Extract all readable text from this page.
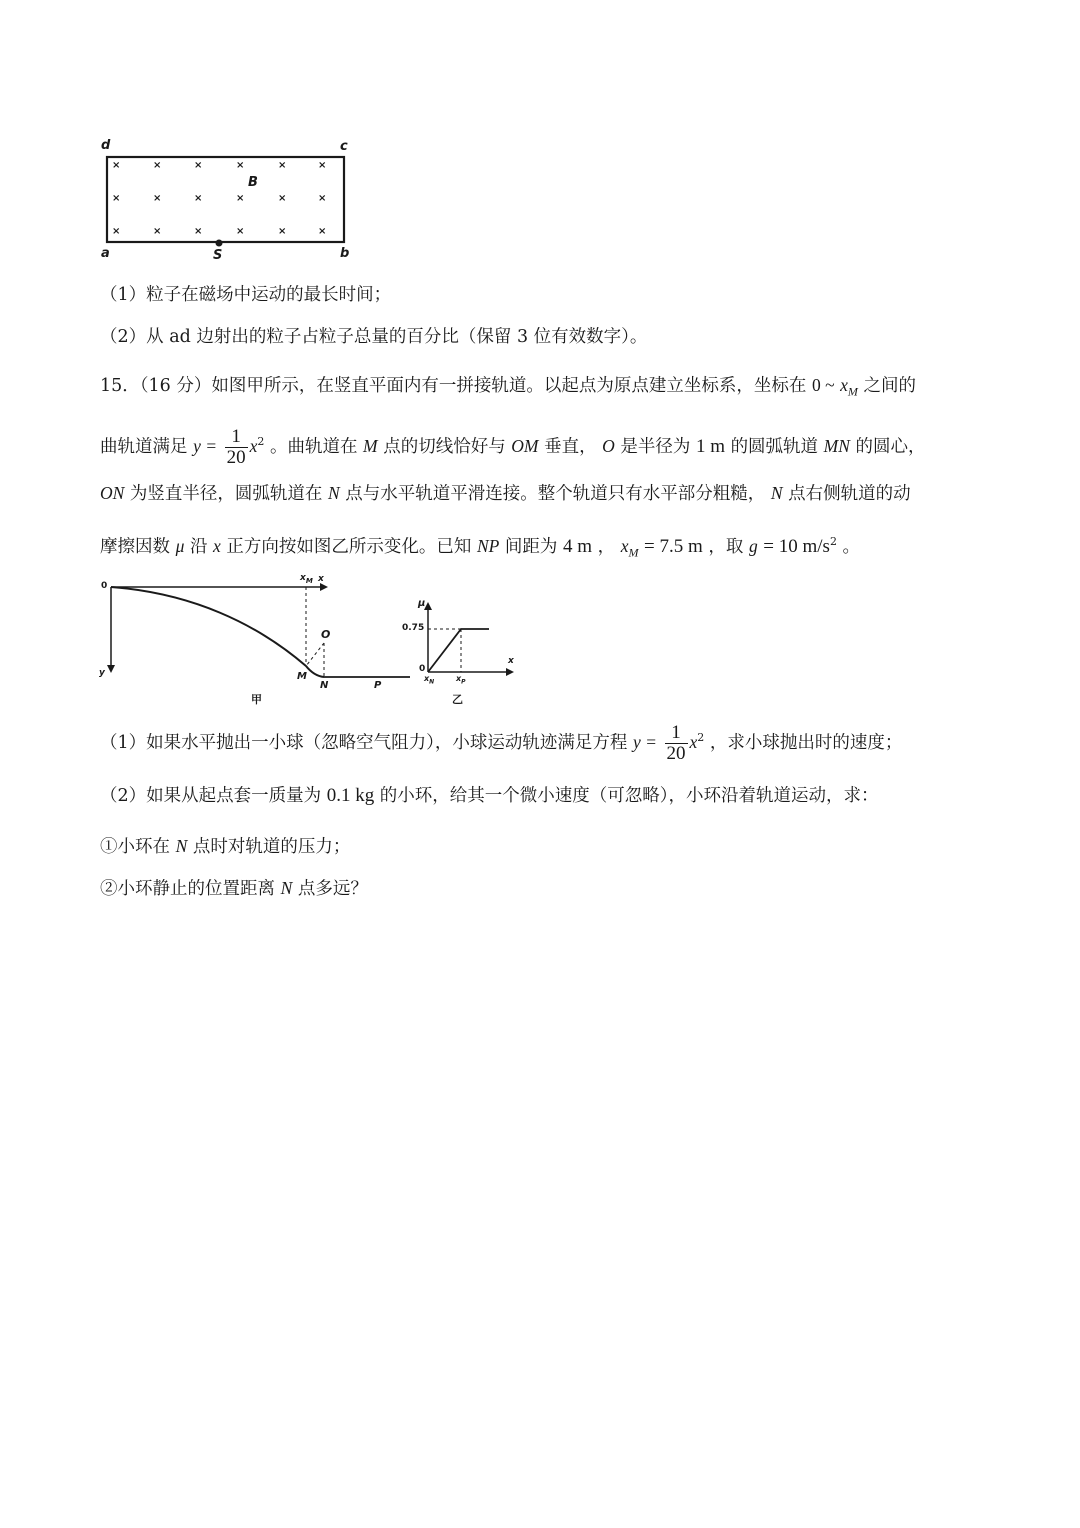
d	c
a	b
B
S
×	×	×	×	×	×
×	×	×	×	×	×
×	×	×	×	×	×
（1）粒子在磁场中运动的最长时间；
（2）从 ad 边射出的粒子占粒子总量的百分比（保留 3 位有效数字）。
15．（16 分）如图甲所示，在竖直平面内有一拼接轨道。以起点为原点建立坐标系，坐标在 0 ~ $x_M$ 之间的
曲轨道满足 $y = \frac{1}{20} x^2$ 。曲轨道在 M 点的切线恰好与 OM 垂直， O 是半径为 1 m 的圆弧轨道 MN 的圆心，
ON 为竖直半径，圆弧轨道在 N 点与水平轨道平滑连接。整个轨道只有水平部分粗糙， N 点右侧轨道的动
摩擦因数 μ 沿 x 正方向按如图乙所示变化。已知 NP 间距为 4 m ， $x_M = 7.5$ m ，取 g = 10 $m/s^2$ 。
0
$x_M$ x
y
O
M
N	P
甲
μ
0.75
0
x
$x_N$	$x_P$
乙
（1）如果水平抛出一小球（忽略空气阻力），小球运动轨迹满足方程 $y = \frac{1}{20} x^2$ ，求小球抛出时的速度；
（2）如果从起点套一质量为 0.1 kg 的小环，给其一个微小速度（可忽略），小环沿着轨道运动，求：
①小环在 N 点时对轨道的压力；
②小环静止的位置距离 N 点多远？
